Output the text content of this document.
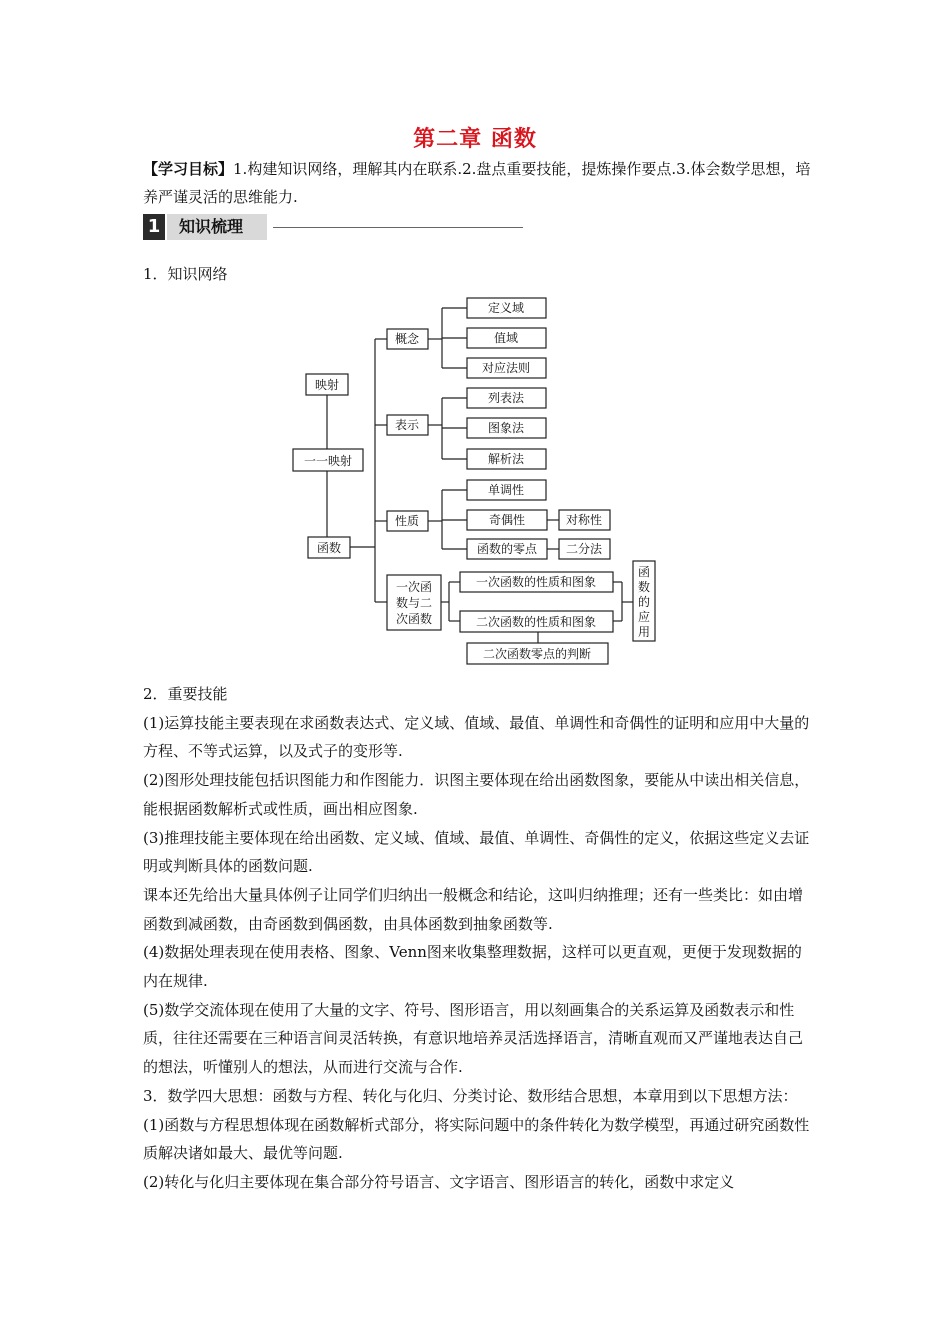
第二章 函数
【学习目标】1.构建知识网络，理解其内在联系.2.盘点重要技能，提炼操作要点.3.体会数学思想，培养严谨灵活的思维能力.
1	知识梳理
1．知识网络
映射
一一映射
函数
概念
表示
性质
一次函
数与二
次函数
定义域
值域
对应法则
列表法
图象法
解析法
单调性
奇偶性	对称性
函数的零点 二分法
一次函数的性质和图象
二次函数的性质和图象
二次函数零点的判断
函
数
的
应
用

2．重要技能

(1)运算技能主要表现在求函数表达式、定义域、值域、最值、单调性和奇偶性的证明和应用中大量的方程、不等式运算，以及式子的变形等.

(2)图形处理技能包括识图能力和作图能力．识图主要体现在给出函数图象，要能从中读出相关信息，能根据函数解析式或性质，画出相应图象.

(3)推理技能主要体现在给出函数、定义域、值域、最值、单调性、奇偶性的定义，依据这些定义去证明或判断具体的函数问题.

课本还先给出大量具体例子让同学们归纳出一般概念和结论，这叫归纳推理；还有一些类比：如由增函数到减函数，由奇函数到偶函数，由具体函数到抽象函数等.

(4)数据处理表现在使用表格、图象、Venn图来收集整理数据，这样可以更直观，更便于发现数据的内在规律.

(5)数学交流体现在使用了大量的文字、符号、图形语言，用以刻画集合的关系运算及函数表示和性质，往往还需要在三种语言间灵活转换，有意识地培养灵活选择语言，清晰直观而又严谨地表达自己的想法，听懂别人的想法，从而进行交流与合作.

3．数学四大思想：函数与方程、转化与化归、分类讨论、数形结合思想，本章用到以下思想方法：

(1)函数与方程思想体现在函数解析式部分，将实际问题中的条件转化为数学模型，再通过研究函数性质解决诸如最大、最优等问题.

(2)转化与化归主要体现在集合部分符号语言、文字语言、图形语言的转化，函数中求定义
